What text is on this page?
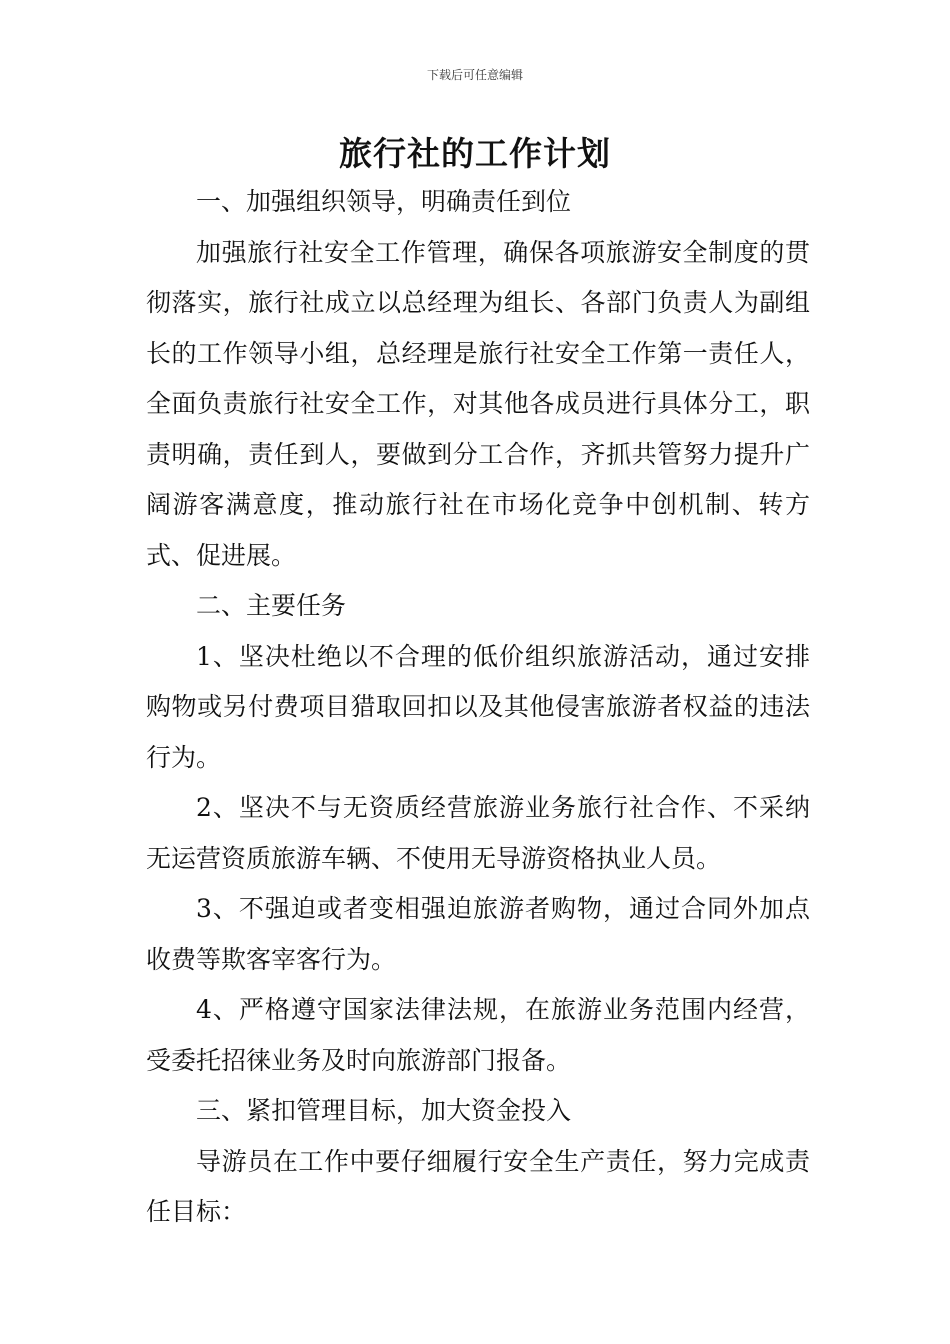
下载后可任意编辑
旅行社的工作计划

一、加强组织领导，明确责任到位

加强旅行社安全工作管理，确保各项旅游安全制度的贯彻落实，旅行社成立以总经理为组长、各部门负责人为副组长的工作领导小组，总经理是旅行社安全工作第一责任人，全面负责旅行社安全工作，对其他各成员进行具体分工，职责明确，责任到人，要做到分工合作，齐抓共管努力提升广阔游客满意度，推动旅行社在市场化竞争中创机制、转方式、促进展。

二、主要任务

1、坚决杜绝以不合理的低价组织旅游活动，通过安排购物或另付费项目猎取回扣以及其他侵害旅游者权益的违法行为。

2、坚决不与无资质经营旅游业务旅行社合作、不采纳无运营资质旅游车辆、不使用无导游资格执业人员。

3、不强迫或者变相强迫旅游者购物，通过合同外加点收费等欺客宰客行为。

4、严格遵守国家法律法规，在旅游业务范围内经营，受委托招徕业务及时向旅游部门报备。

三、紧扣管理目标，加大资金投入

导游员在工作中要仔细履行安全生产责任，努力完成责任目标：
